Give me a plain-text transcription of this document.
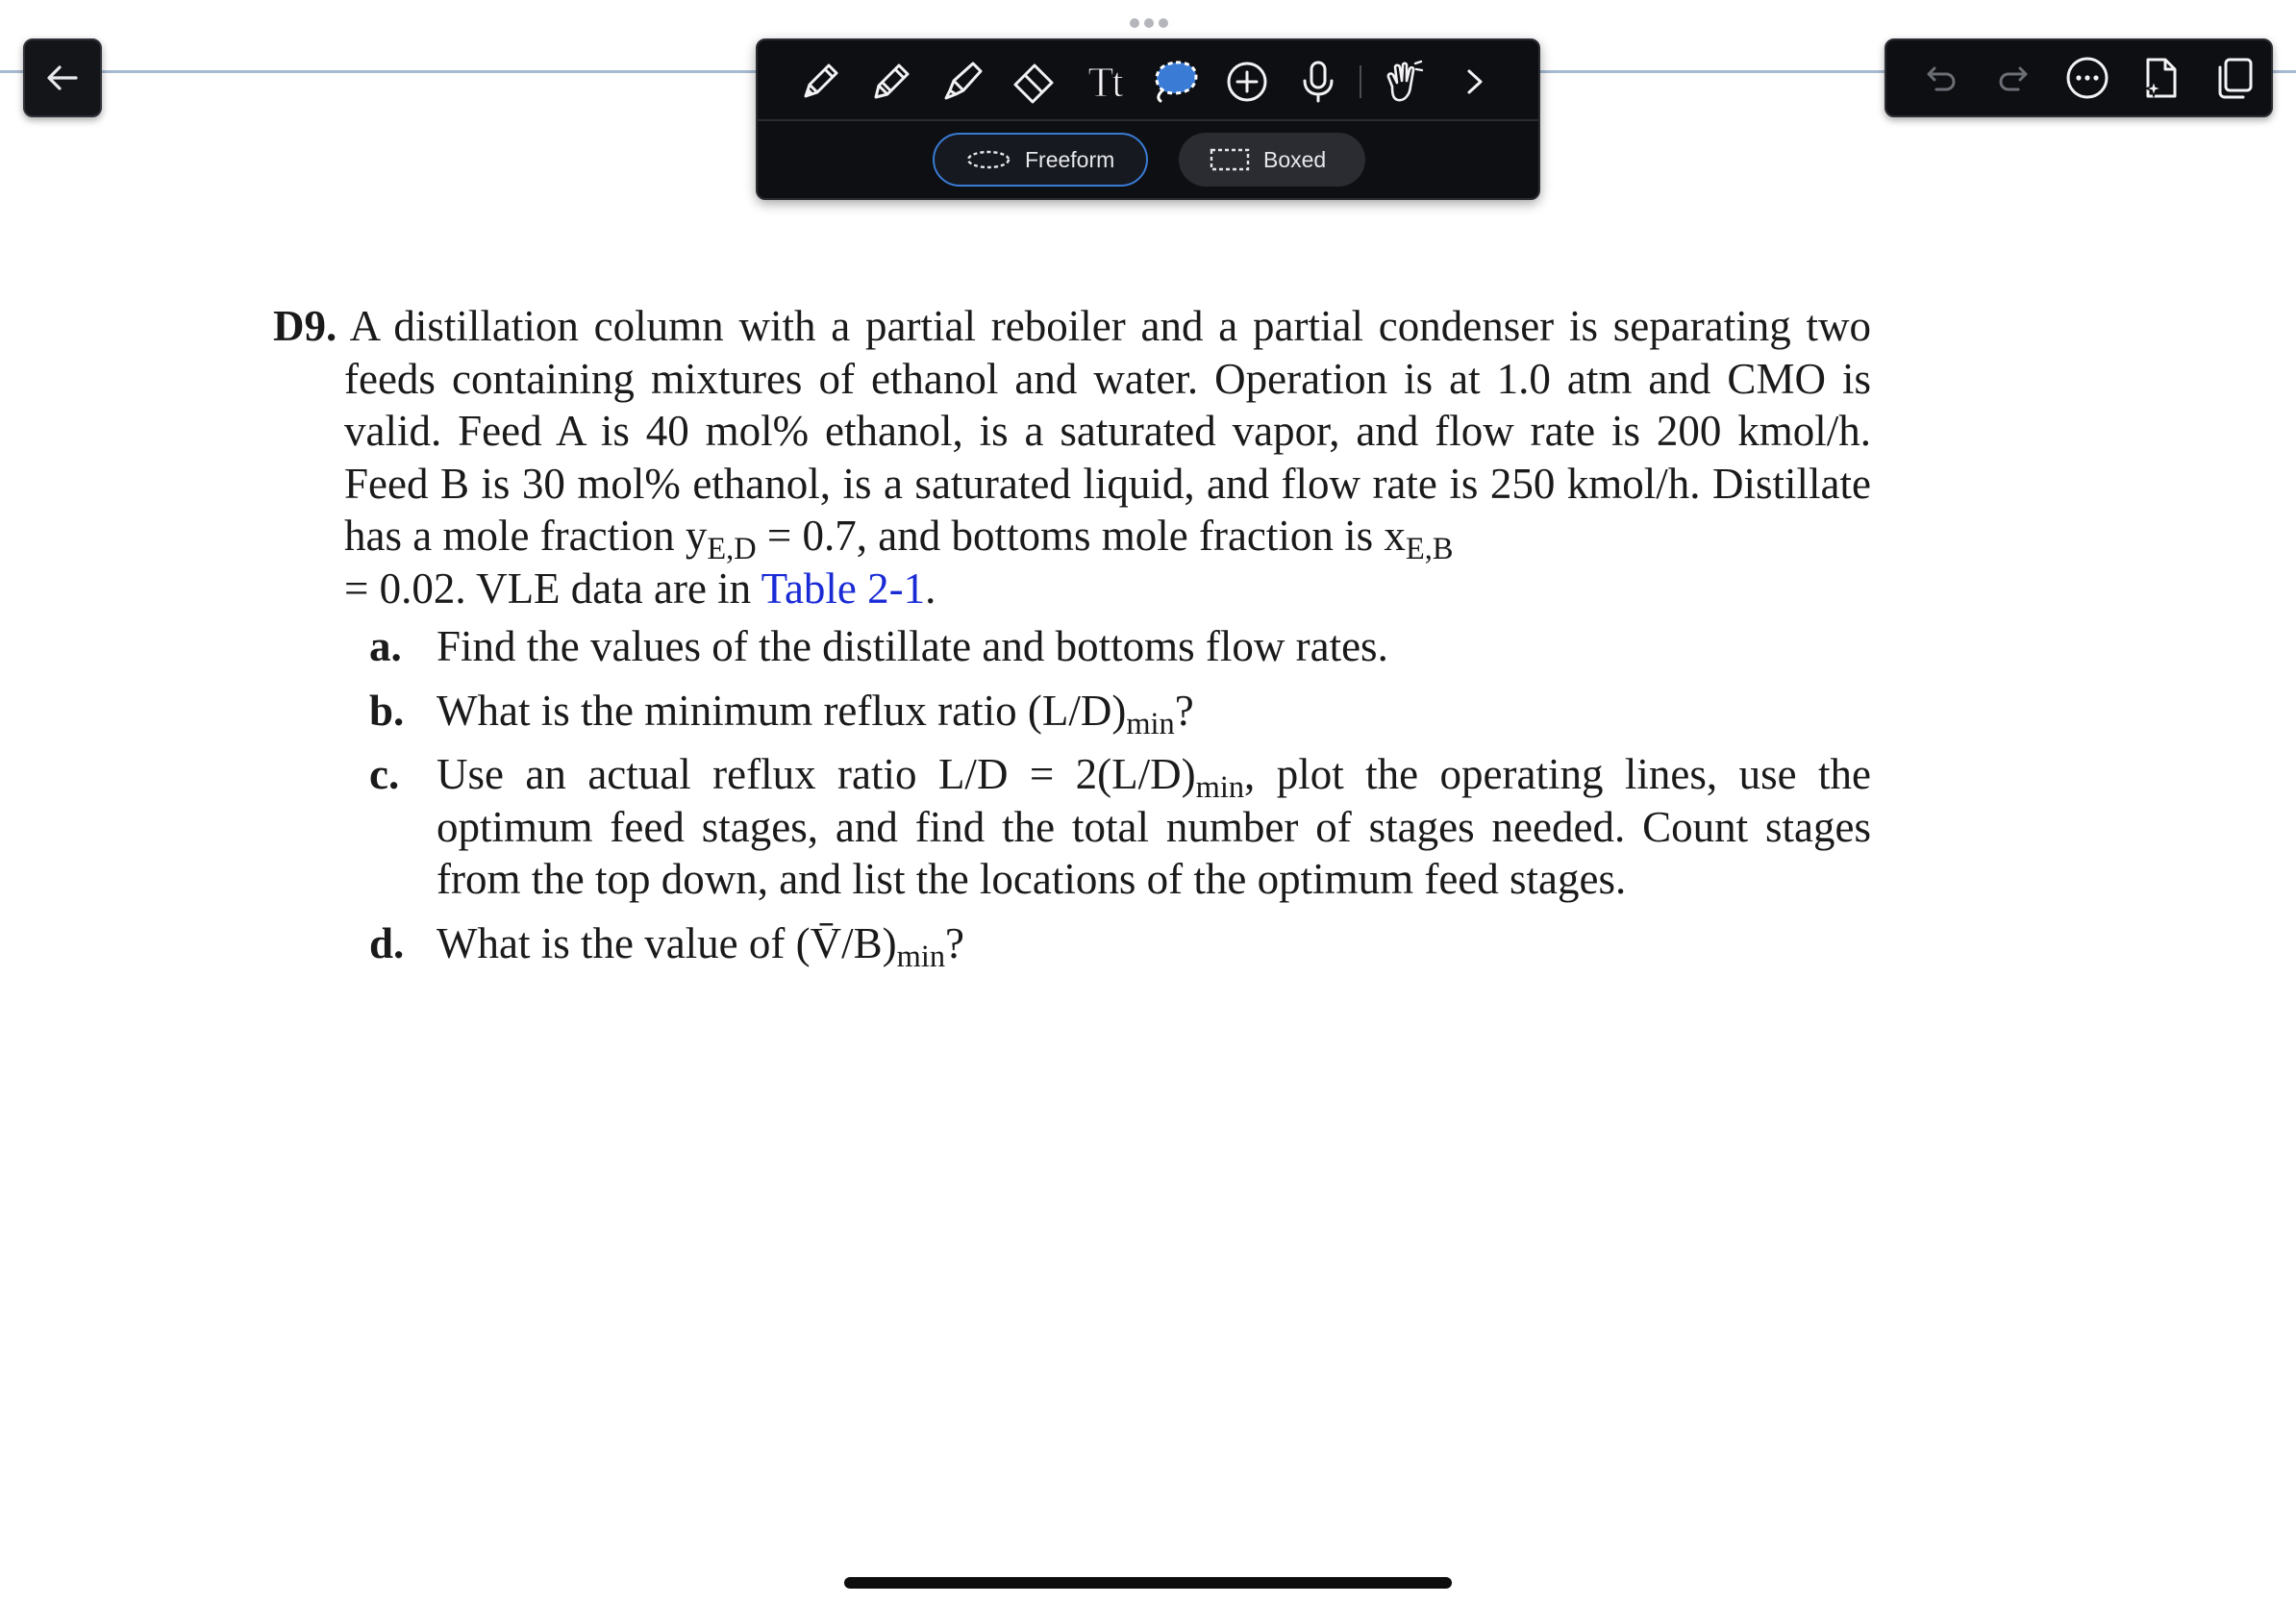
Tt
Freeform	Boxed
D9. A distillation column with a partial reboiler and a partial condenser is separating two feeds containing mixtures of ethanol and water. Operation is at 1.0 atm and CMO is valid. Feed A is 40 mol% ethanol, is a saturated vapor, and flow rate is 200 kmol/h. Feed B is 30 mol% ethanol, is a saturated liquid, and flow rate is 250 kmol/h. Distillate has a mole fraction $y_{E,D} = 0.7$, and bottoms mole fraction is $x_{E,B}$
= 0.02. VLE data are in Table 2-1.
a. Find the values of the distillate and bottoms flow rates.
b. What is the minimum reflux ratio $(L/D)_{min}$?
c. Use an actual reflux ratio $L/D = 2(L/D)_{min}$, plot the operating lines, use the optimum feed stages, and find the total number of stages needed. Count stages from the top down, and list the locations of the optimum feed stages.
d. What is the value of $(V̄/B)_{min}$?
